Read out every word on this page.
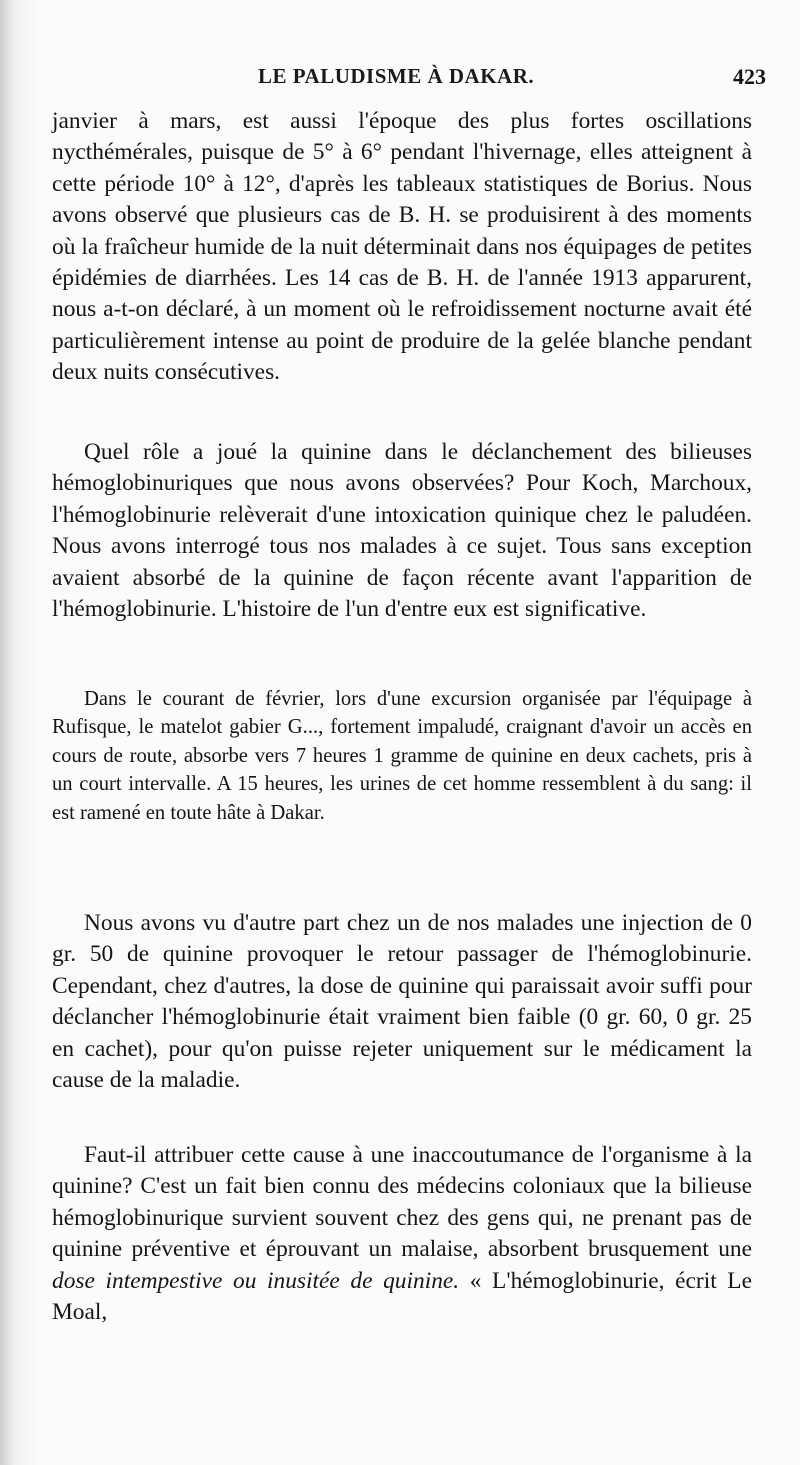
LE PALUDISME À DAKAR.	423

janvier à mars, est aussi l'époque des plus fortes oscillations nycthémérales, puisque de 5° à 6° pendant l'hivernage, elles atteignent à cette période 10° à 12°, d'après les tableaux statistiques de Borius. Nous avons observé que plusieurs cas de B. H. se produisirent à des moments où la fraîcheur humide de la nuit déterminait dans nos équipages de petites épidémies de diarrhées. Les 14 cas de B. H. de l'année 1913 apparurent, nous a-t-on déclaré, à un moment où le refroidissement nocturne avait été particulièrement intense au point de produire de la gelée blanche pendant deux nuits consécutives.

Quel rôle a joué la quinine dans le déclanchement des bilieuses hémoglobinuriques que nous avons observées? Pour Koch, Marchoux, l'hémoglobinurie relèverait d'une intoxication quinique chez le paludéen. Nous avons interrogé tous nos malades à ce sujet. Tous sans exception avaient absorbé de la quinine de façon récente avant l'apparition de l'hémoglobinurie. L'histoire de l'un d'entre eux est significative.

Dans le courant de février, lors d'une excursion organisée par l'équipage à Rufisque, le matelot gabier G..., fortement impaludé, craignant d'avoir un accès en cours de route, absorbe vers 7 heures 1 gramme de quinine en deux cachets, pris à un court intervalle. A 15 heures, les urines de cet homme ressemblent à du sang: il est ramené en toute hâte à Dakar.

Nous avons vu d'autre part chez un de nos malades une injection de 0 gr. 50 de quinine provoquer le retour passager de l'hémoglobinurie. Cependant, chez d'autres, la dose de quinine qui paraissait avoir suffi pour déclancher l'hémoglobinurie était vraiment bien faible (0 gr. 60, 0 gr. 25 en cachet), pour qu'on puisse rejeter uniquement sur le médicament la cause de la maladie.

Faut-il attribuer cette cause à une inaccoutumance de l'organisme à la quinine? C'est un fait bien connu des médecins coloniaux que la bilieuse hémoglobinurique survient souvent chez des gens qui, ne prenant pas de quinine préventive et éprouvant un malaise, absorbent brusquement une dose intempestive ou inusitée de quinine. « L'hémoglobinurie, écrit Le Moal,
